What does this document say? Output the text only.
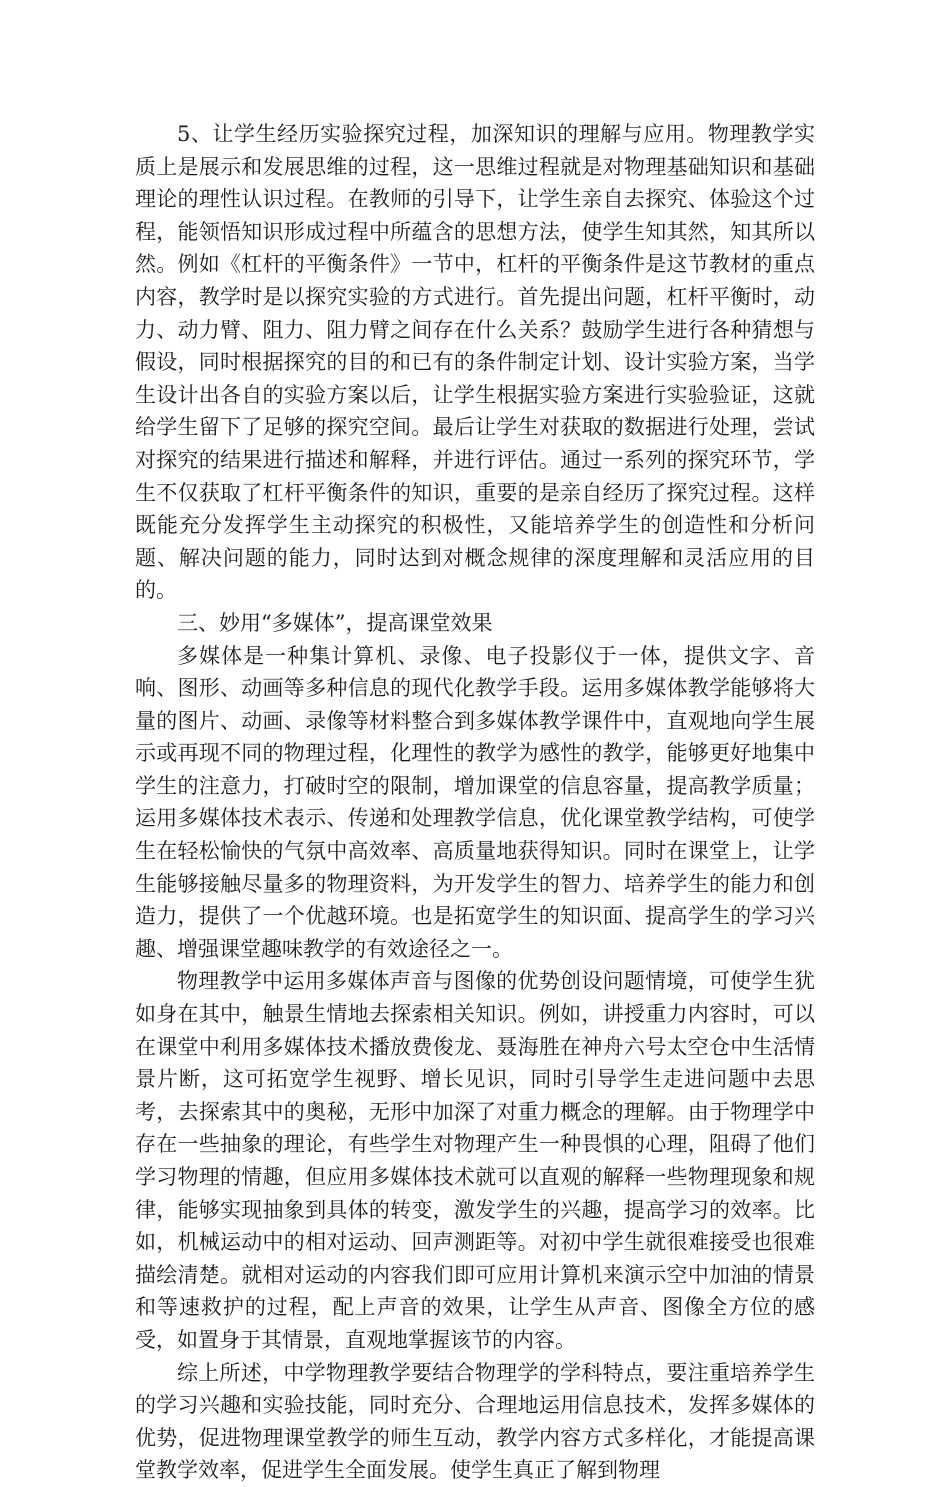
5、让学生经历实验探究过程，加深知识的理解与应用。物理教学实质上是展示和发展思维的过程，这一思维过程就是对物理基础知识和基础理论的理性认识过程。在教师的引导下，让学生亲自去探究、体验这个过程，能领悟知识形成过程中所蕴含的思想方法，使学生知其然，知其所以然。例如《杠杆的平衡条件》一节中，杠杆的平衡条件是这节教材的重点内容，教学时是以探究实验的方式进行。首先提出问题，杠杆平衡时，动力、动力臂、阻力、阻力臂之间存在什么关系？鼓励学生进行各种猜想与假设，同时根据探究的目的和已有的条件制定计划、设计实验方案，当学生设计出各自的实验方案以后，让学生根据实验方案进行实验验证，这就给学生留下了足够的探究空间。最后让学生对获取的数据进行处理，尝试对探究的结果进行描述和解释，并进行评估。通过一系列的探究环节，学生不仅获取了杠杆平衡条件的知识，重要的是亲自经历了探究过程。这样既能充分发挥学生主动探究的积极性，又能培养学生的创造性和分析问题、解决问题的能力，同时达到对概念规律的深度理解和灵活应用的目的。

三、妙用“多媒体”，提高课堂效果

多媒体是一种集计算机、录像、电子投影仪于一体，提供文字、音响、图形、动画等多种信息的现代化教学手段。运用多媒体教学能够将大量的图片、动画、录像等材料整合到多媒体教学课件中，直观地向学生展示或再现不同的物理过程，化理性的教学为感性的教学，能够更好地集中学生的注意力，打破时空的限制，增加课堂的信息容量，提高教学质量；运用多媒体技术表示、传递和处理教学信息，优化课堂教学结构，可使学生在轻松愉快的气氛中高效率、高质量地获得知识。同时在课堂上，让学生能够接触尽量多的物理资料，为开发学生的智力、培养学生的能力和创造力，提供了一个优越环境。也是拓宽学生的知识面、提高学生的学习兴趣、增强课堂趣味教学的有效途径之一。

物理教学中运用多媒体声音与图像的优势创设问题情境，可使学生犹如身在其中，触景生情地去探索相关知识。例如，讲授重力内容时，可以在课堂中利用多媒体技术播放费俊龙、聂海胜在神舟六号太空仓中生活情景片断，这可拓宽学生视野、增长见识，同时引导学生走进问题中去思考，去探索其中的奥秘，无形中加深了对重力概念的理解。由于物理学中存在一些抽象的理论，有些学生对物理产生一种畏惧的心理，阻碍了他们学习物理的情趣，但应用多媒体技术就可以直观的解释一些物理现象和规律，能够实现抽象到具体的转变，激发学生的兴趣，提高学习的效率。比如，机械运动中的相对运动、回声测距等。对初中学生就很难接受也很难描绘清楚。就相对运动的内容我们即可应用计算机来演示空中加油的情景和等速救护的过程，配上声音的效果，让学生从声音、图像全方位的感受，如置身于其情景，直观地掌握该节的内容。

综上所述，中学物理教学要结合物理学的学科特点，要注重培养学生的学习兴趣和实验技能，同时充分、合理地运用信息技术，发挥多媒体的优势，促进物理课堂教学的师生互动，教学内容方式多样化，才能提高课堂教学效率，促进学生全面发展。使学生真正了解到物理
